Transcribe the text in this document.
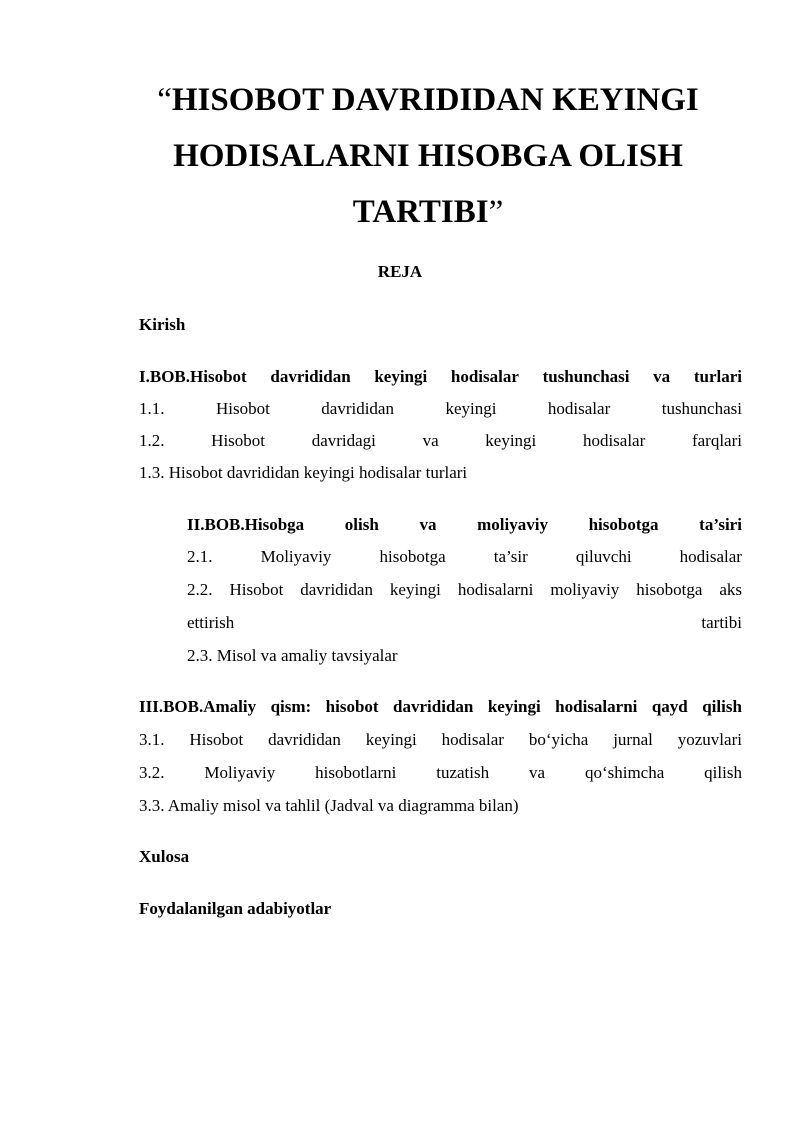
“HISOBOT DAVRIDIDAN KEYINGI
HODISALARNI HISOBGA OLISH
TARTIBI”
REJA
Kirish
I.BOB.Hisobot davrididan keyingi hodisalar tushunchasi va turlari
1.1.	Hisobot	davrididan	keyingi	hodisalar	tushunchasi
1.2.	Hisobot	davridagi	va	keyingi	hodisalar	farqlari
1.3. Hisobot davrididan keyingi hodisalar turlari
II.BOB.Hisobga olish va moliyaviy hisobotga ta’siri
2.1.	Moliyaviy	hisobotga	ta’sir	qiluvchi	hodisalar
2.2. Hisobot davrididan keyingi hodisalarni moliyaviy hisobotga aks
ettirish	tartibi
2.3. Misol va amaliy tavsiyalar
III.BOB.Amaliy qism: hisobot davrididan keyingi hodisalarni qayd qilish
3.1. Hisobot davrididan keyingi hodisalar bo‘yicha jurnal yozuvlari
3.2. Moliyaviy hisobotlarni tuzatish va qo‘shimcha qilish
3.3. Amaliy misol va tahlil (Jadval va diagramma bilan)
Xulosa
Foydalanilgan adabiyotlar
